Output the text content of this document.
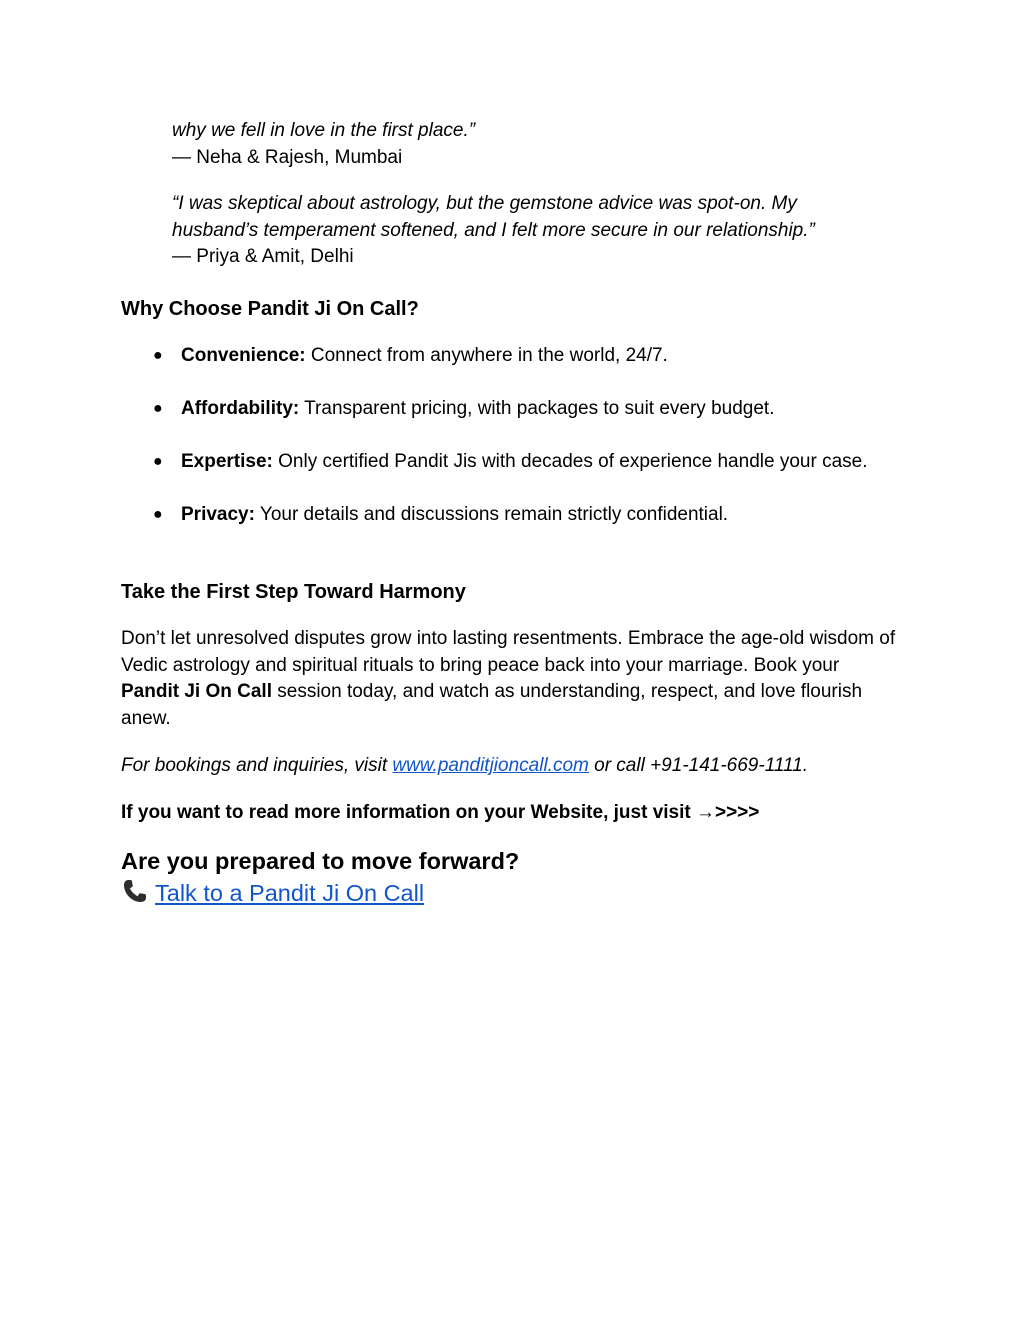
why we fell in love in the first place.”

— Neha & Rajesh, Mumbai

“I was skeptical about astrology, but the gemstone advice was spot-on. My

husband’s temperament softened, and I felt more secure in our relationship.”

— Priya & Amit, Delhi

Why Choose Pandit Ji On Call?
● Convenience: Connect from anywhere in the world, 24/7.
● Affordability: Transparent pricing, with packages to suit every budget.
● Expertise: Only certified Pandit Jis with decades of experience handle your case.
● Privacy: Your details and discussions remain strictly confidential.
Take the First Step Toward Harmony

Don’t let unresolved disputes grow into lasting resentments. Embrace the age-old wisdom of Vedic astrology and spiritual rituals to bring peace back into your marriage. Book your Pandit Ji On Call session today, and watch as understanding, respect, and love flourish anew.

For bookings and inquiries, visit www.panditjioncall.com or call +91-141-669-1111.

If you want to read more information on your Website, just visit →>>>>

Are you prepared to move forward?

Talk to a Pandit Ji On Call
